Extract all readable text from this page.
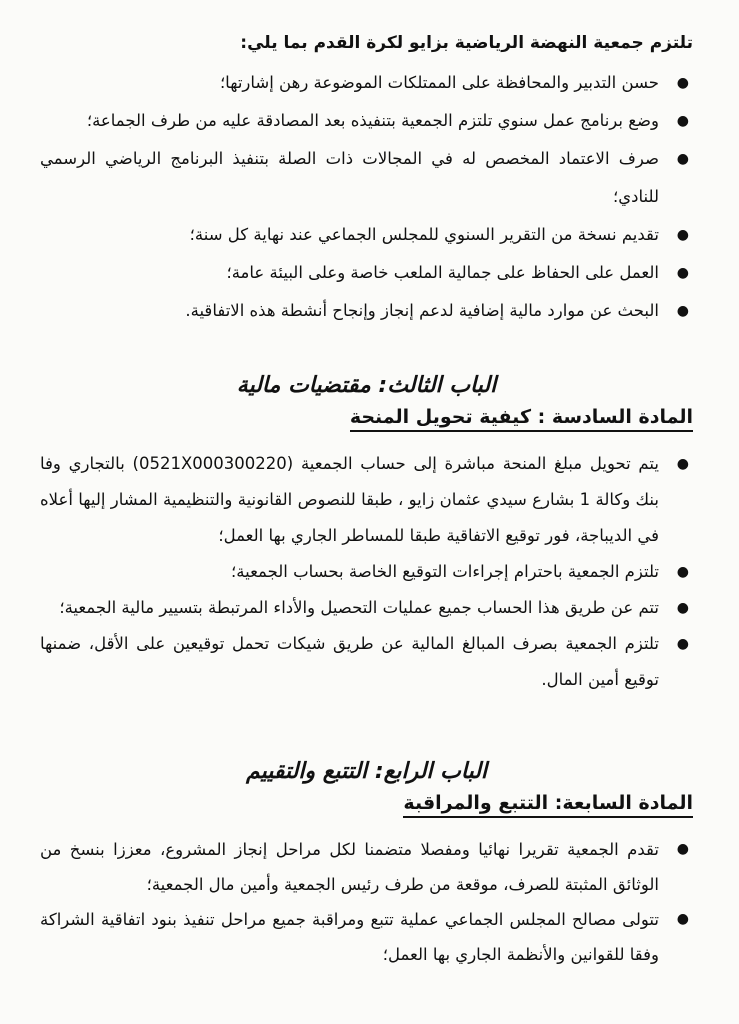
تلتزم جمعية النهضة الرياضية بزايو لكرة القدم بما يلي:

●
حسن التدبير والمحافظة على الممتلكات الموضوعة رهن إشارتها؛
●
وضع برنامج عمل سنوي تلتزم الجمعية بتنفيذه بعد المصادقة عليه من طرف الجماعة؛
●
صرف الاعتماد المخصص له في المجالات ذات الصلة بتنفيذ البرنامج الرياضي الرسمي للنادي؛
●
تقديم نسخة من التقرير السنوي للمجلس الجماعي عند نهاية كل سنة؛
●
العمل على الحفاظ على جمالية الملعب خاصة وعلى البيئة عامة؛
●
البحث عن موارد مالية إضافية لدعم إنجاز وإنجاح أنشطة هذه الاتفاقية.
الباب الثالث: مقتضيات مالية
المادة السادسة : كيفية تحويل المنحة
●
يتم تحويل مبلغ المنحة مباشرة إلى حساب الجمعية (0521X000300220) بالتجاري وفا بنك وكالة 1 بشارع سيدي عثمان زايو ، طبقا للنصوص القانونية والتنظيمية المشار إليها أعلاه في الديباجة، فور توقيع الاتفاقية طبقا للمساطر الجاري بها العمل؛
●
تلتزم الجمعية باحترام إجراءات التوقيع الخاصة بحساب الجمعية؛
●
تتم عن طريق هذا الحساب جميع عمليات التحصيل والأداء المرتبطة بتسيير مالية الجمعية؛
●
تلتزم الجمعية بصرف المبالغ المالية عن طريق شيكات تحمل توقيعين على الأقل، ضمنها توقيع أمين المال.
الباب الرابع: التتبع والتقييم
المادة السابعة: التتبع والمراقبة
●
تقدم الجمعية تقريرا نهائيا ومفصلا متضمنا لكل مراحل إنجاز المشروع، معززا بنسخ من الوثائق المثبتة للصرف، موقعة من طرف رئيس الجمعية وأمين مال الجمعية؛
●
تتولى مصالح المجلس الجماعي عملية تتبع ومراقبة جميع مراحل تنفيذ بنود اتفاقية الشراكة وفقا للقوانين والأنظمة الجاري بها العمل؛
